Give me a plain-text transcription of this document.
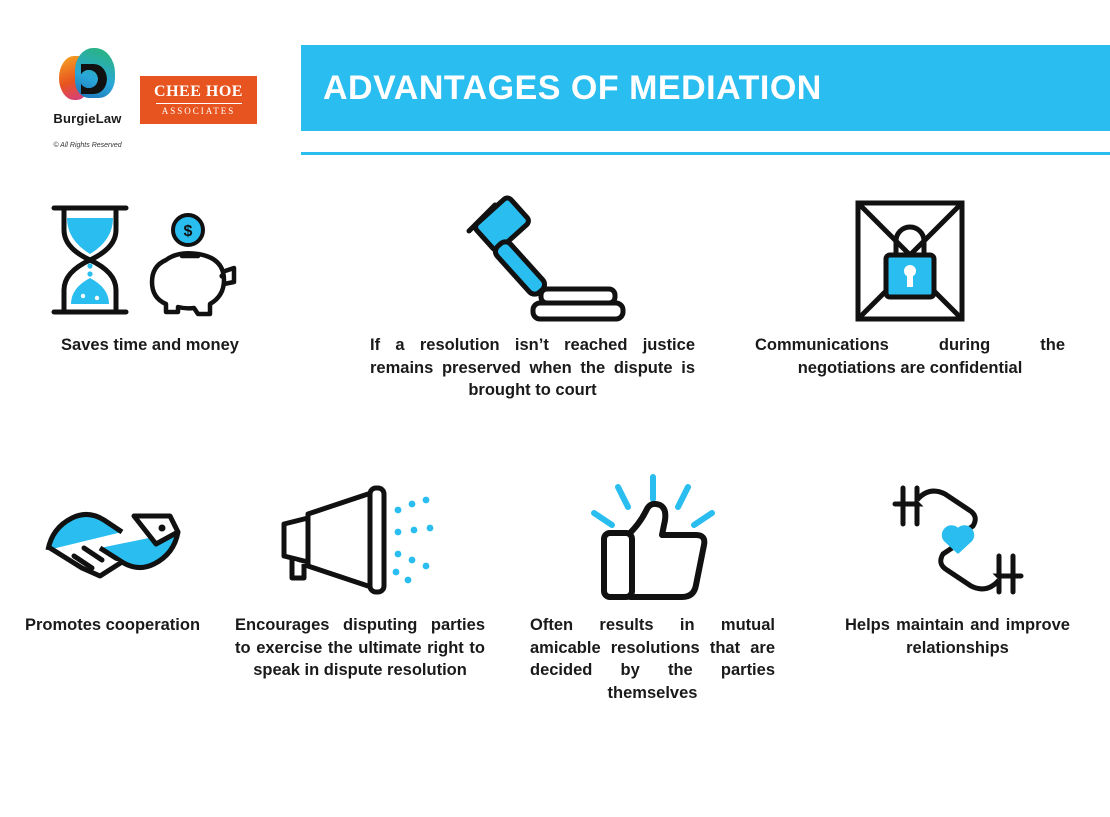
BurgieLaw
© All Rights Reserved
CHEE HOE
ASSOCIATES
ADVANTAGES OF MEDIATION
$
Saves time and money	If a resolution isn’t reached justice remains preserved when the dispute is brought to court
Communications during the negotiations are confidential
Promotes cooperation Encourages disputing parties to exercise the ultimate right to speak in dispute resolution
Often results in mutual amicable resolutions that are decided by the parties themselves
Helps maintain and improve relationships
